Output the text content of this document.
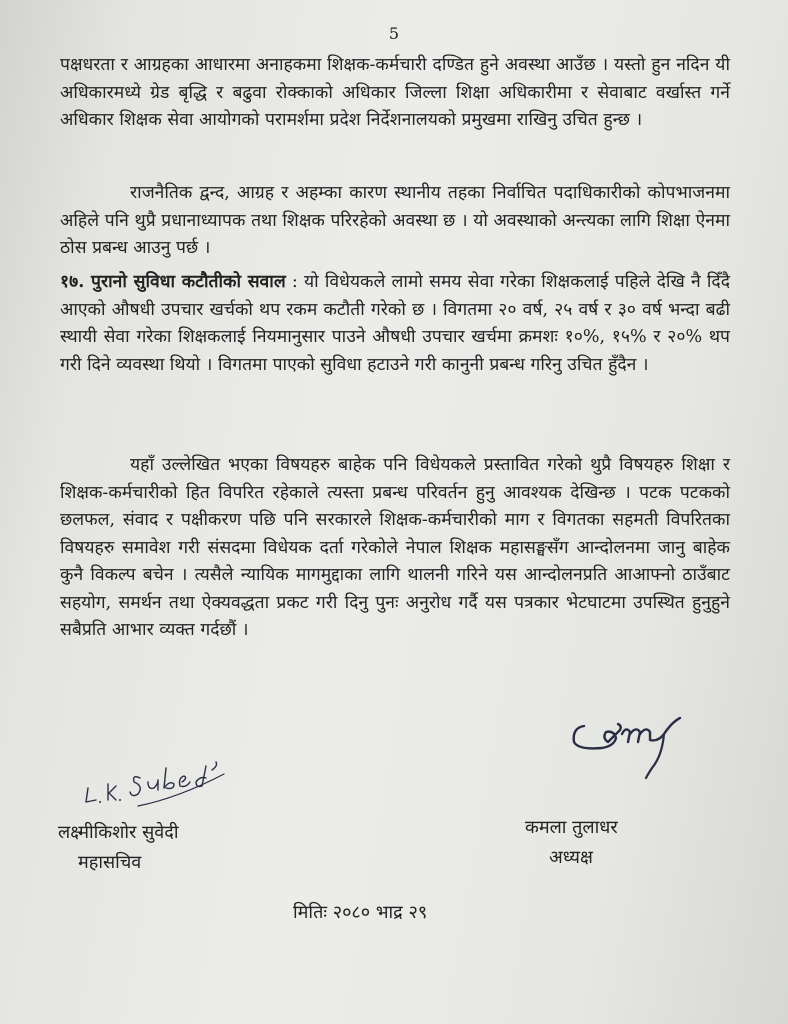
5
पक्षधरता र आग्रहका आधारमा अनाहकमा शिक्षक-कर्मचारी दण्डित हुने अवस्था आउँछ । यस्तो हुन नदिन यी अधिकारमध्ये ग्रेड बृद्धि र बढुवा रोक्काको अधिकार जिल्ला शिक्षा अधिकारीमा र सेवाबाट वर्खास्त गर्ने अधिकार शिक्षक सेवा आयोगको परामर्शमा प्रदेश निर्देशनालयको प्रमुखमा राखिनु उचित हुन्छ ।
राजनैतिक द्वन्द, आग्रह र अहम्का कारण स्थानीय तहका निर्वाचित पदाधिकारीको कोपभाजनमा अहिले पनि थुप्रै प्रधानाध्यापक तथा शिक्षक परिरहेको अवस्था छ । यो अवस्थाको अन्त्यका लागि शिक्षा ऐनमा ठोस प्रबन्ध आउनु पर्छ ।
१७. पुरानो सुविधा कटौतीको सवाल : यो विधेयकले लामो समय सेवा गरेका शिक्षकलाई पहिले देखि नै दिँदै आएको औषधी उपचार खर्चको थप रकम कटौती गरेको छ । विगतमा २० वर्ष, २५ वर्ष र ३० वर्ष भन्दा बढी स्थायी सेवा गरेका शिक्षकलाई नियमानुसार पाउने औषधी उपचार खर्चमा क्रमशः १०%, १५% र २०% थप गरी दिने व्यवस्था थियो । विगतमा पाएको सुविधा हटाउने गरी कानुनी प्रबन्ध गरिनु उचित हुँदैन ।
यहाँ उल्लेखित भएका विषयहरु बाहेक पनि विधेयकले प्रस्तावित गरेको थुप्रै विषयहरु शिक्षा र शिक्षक-कर्मचारीको हित विपरित रहेकाले त्यस्ता प्रबन्ध परिवर्तन हुनु आवश्यक देखिन्छ । पटक पटकको छलफल, संवाद र पक्षीकरण पछि पनि सरकारले शिक्षक-कर्मचारीको माग र विगतका सहमती विपरितका विषयहरु समावेश गरी संसदमा विधेयक दर्ता गरेकोले नेपाल शिक्षक महासङ्घसँग आन्दोलनमा जानु बाहेक कुनै विकल्प बचेन । त्यसैले न्यायिक मागमुद्दाका लागि थालनी गरिने यस आन्दोलनप्रति आआफ्नो ठाउँबाट सहयोग, समर्थन तथा ऐक्यवद्धता प्रकट गरी दिनु पुनः अनुरोध गर्दै यस पत्रकार भेटघाटमा उपस्थित हुनुहुने सबैप्रति आभार व्यक्त गर्दछौं ।
लक्ष्मीकिशोर सुवेदी
महासचिव
कमला तुलाधर
अध्यक्ष
मितिः २०८० भाद्र २९
